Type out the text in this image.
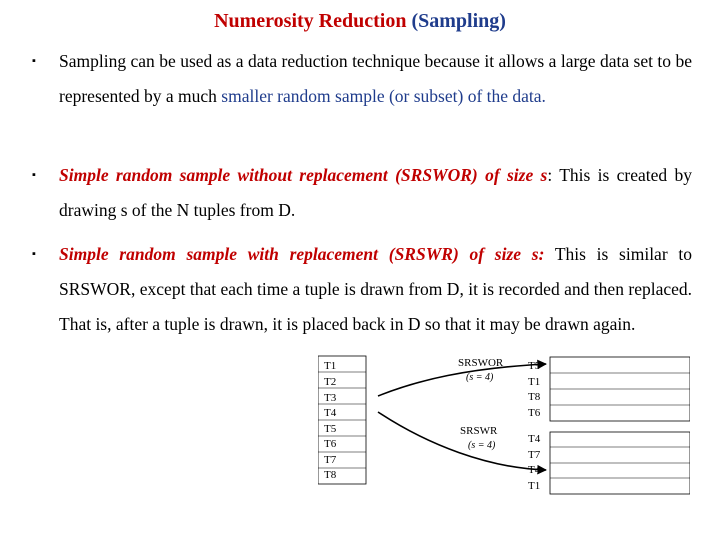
Numerosity Reduction (Sampling)
▪ Sampling can be used as a data reduction technique because it allows a large data set to be represented by a much smaller random sample (or subset) of the data.
▪ Simple random sample without replacement (SRSWOR) of size s: This is created by drawing s of the N tuples from D.
▪ Simple random sample with replacement (SRSWR) of size s: This is similar to SRSWOR, except that each time a tuple is drawn from D, it is recorded and then replaced. That is, after a tuple is drawn, it is placed back in D so that it may be drawn again.
T1
T2
T3
T4
T5
T6
T7
T8
SRSWOR
(s = 4)
SRSWR
(s = 4)
T5
T1
T8
T6
T4
T7
T4
T1
